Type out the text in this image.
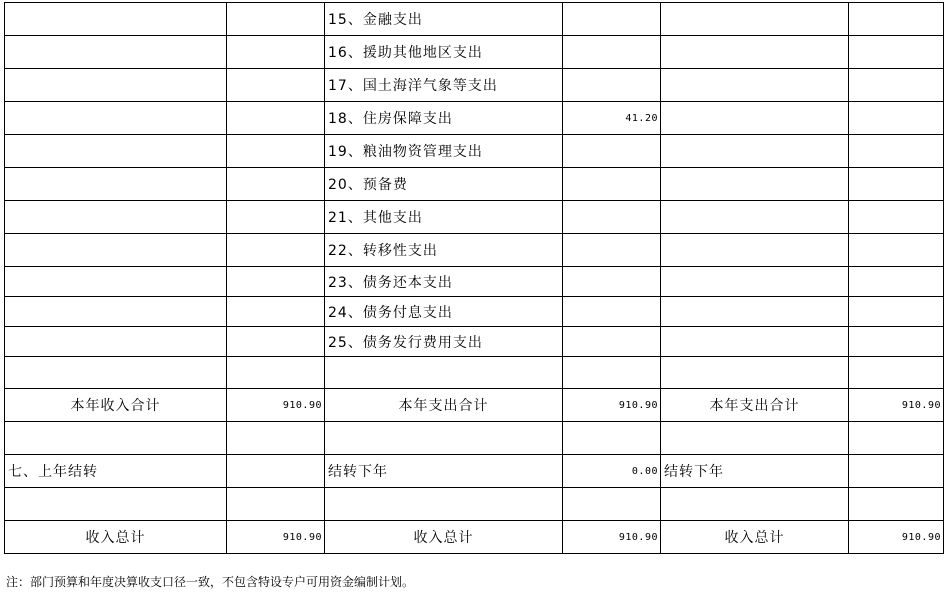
		15、金融支出			
		16、援助其他地区支出			
		17、国土海洋气象等支出			
		18、住房保障支出	41.20		
		19、粮油物资管理支出			
		20、预备费			
		21、其他支出			
		22、转移性支出			
		23、债务还本支出			
		24、债务付息支出			
		25、债务发行费用支出			

本年收入合计	910.90	本年支出合计	910.90	本年支出合计	910.90

七、上年结转		结转下年	0.00	结转下年	

收入总计	910.90	收入总计	910.90	收入总计	910.90
注：部门预算和年度决算收支口径一致，不包含特设专户可用资金编制计划。
